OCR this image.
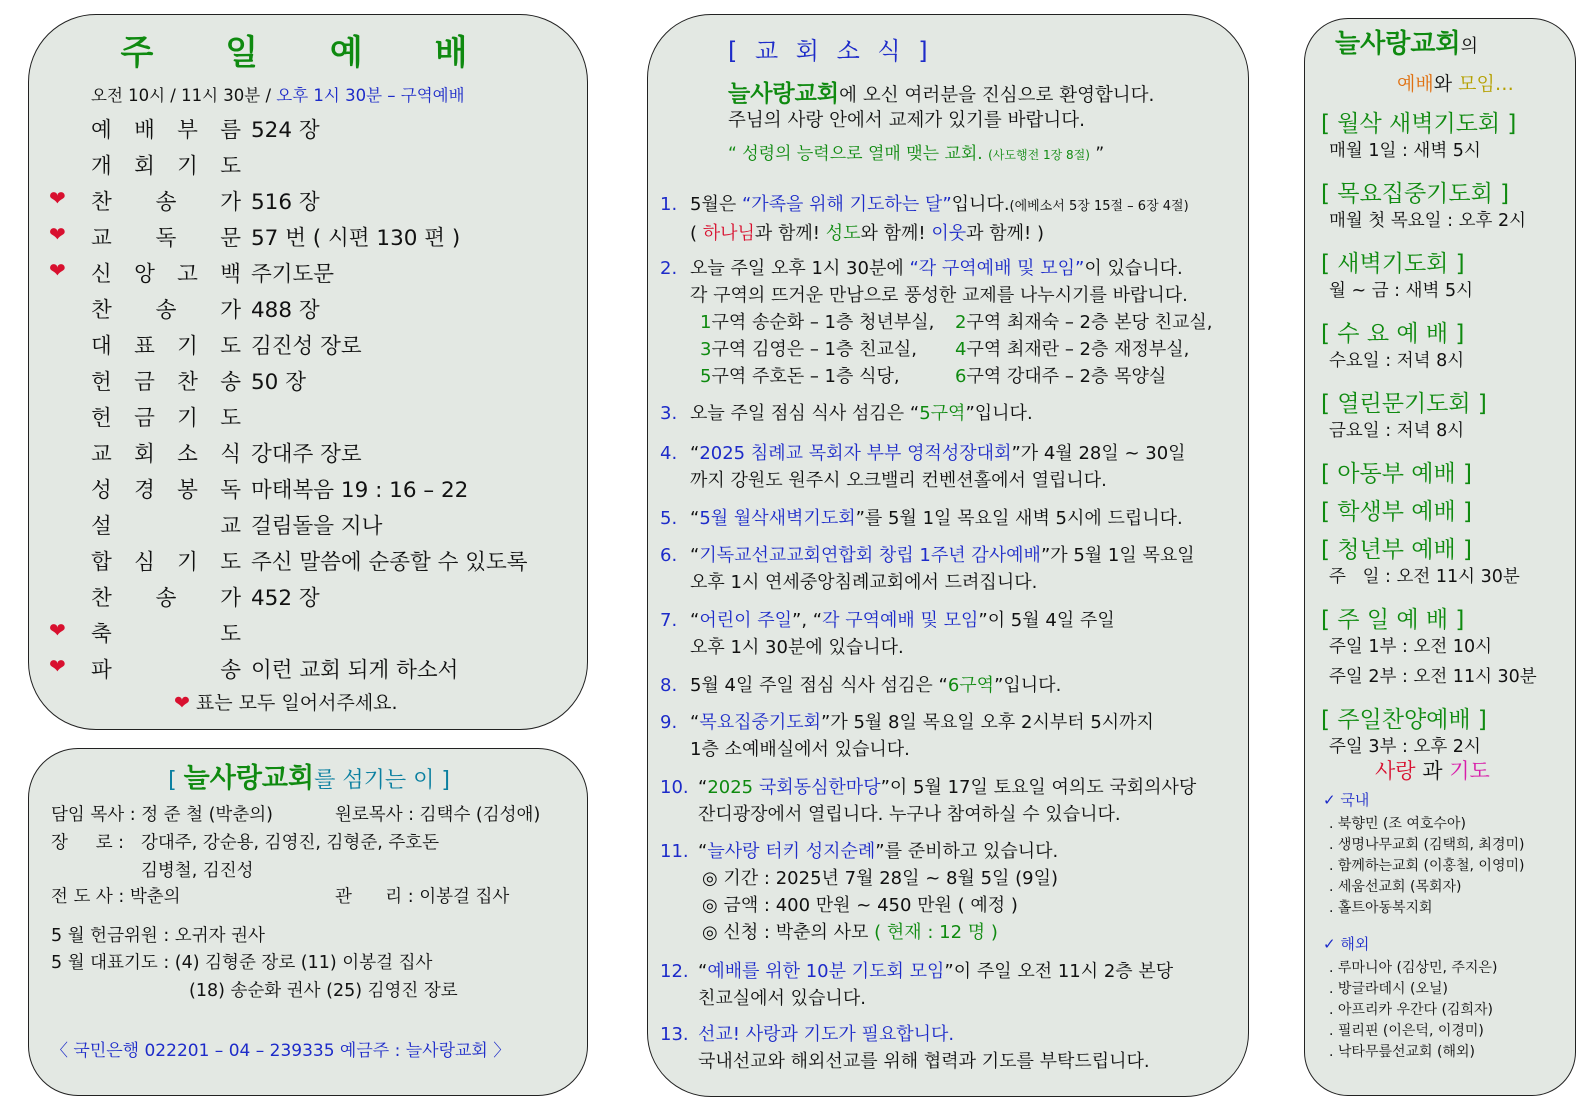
주 일 예 배
오전 10시 / 11시 30분 / 오후 1시 30분 – 구역예배
예 배 부 름 524 장
개 회 기 도
❤ 찬 송 가 516 장
❤ 교 독 문 57 번 ( 시편 130 편 )
❤ 신 앙 고 백 주기도문
찬 송 가 488 장
대 표 기 도 김진성 장로
헌 금 찬 송 50 장
헌 금 기 도
교 회 소 식 강대주 장로
성 경 봉 독 마태복음 19 : 16 – 22
설	교 걸림돌을 지나
합 심 기 도 주신 말씀에 순종할 수 있도록
찬 송 가 452 장
❤ 축	도
❤ 파	송 이런 교회 되게 하소서
❤ 표는 모두 일어서주세요.
[ 늘사랑교회를 섬기는 이 ]
담임 목사 : 정 준 철 (박춘의)	원로목사 : 김택수 (김성애)
장     로 : 강대주, 강순용, 김영진, 김형준, 주호돈
김병철, 김진성
전 도 사 : 박춘의	관      리 : 이봉걸 집사
5 월 헌금위원 : 오귀자 권사
5 월 대표기도 : (4) 김형준 장로 (11) 이봉걸 집사
(18) 송순화 권사 (25) 김영진 장로
〈 국민은행 022201 – 04 – 239335 예금주 : 늘사랑교회 〉
[ 교 회 소 식 ]
늘사랑교회에 오신 여러분을 진심으로 환영합니다.
주님의 사랑 안에서 교제가 있기를 바랍니다.
“ 성령의 능력으로 열매 맺는 교회. (사도행전 1장 8절) ”
1. 5월은 “가족을 위해 기도하는 달”입니다.(에베소서 5장 15절 – 6장 4절)
( 하나님과 함께! 성도와 함께! 이웃과 함께! )
2. 오늘 주일 오후 1시 30분에 “각 구역예배 및 모임”이 있습니다.
각 구역의 뜨거운 만남으로 풍성한 교제를 나누시기를 바랍니다.
1구역 송순화 – 1층 청년부실,	2구역 최재숙 – 2층 본당 친교실,
3구역 김영은 – 1층 친교실,	4구역 최재란 – 2층 재정부실,
5구역 주호돈 – 1층 식당,	6구역 강대주 – 2층 목양실
3. 오늘 주일 점심 식사 섬김은 “5구역”입니다.
4. “2025 침례교 목회자 부부 영적성장대회”가 4월 28일 ~ 30일
까지 강원도 원주시 오크밸리 컨벤션홀에서 열립니다.
5. “5월 월삭새벽기도회”를 5월 1일 목요일 새벽 5시에 드립니다.
6. “기독교선교교회연합회 창립 1주년 감사예배”가 5월 1일 목요일
오후 1시 연세중앙침례교회에서 드려집니다.
7. “어린이 주일”, “각 구역예배 및 모임”이 5월 4일 주일
오후 1시 30분에 있습니다.
8. 5월 4일 주일 점심 식사 섬김은 “6구역”입니다.
9. “목요집중기도회”가 5월 8일 목요일 오후 2시부터 5시까지
1층 소예배실에서 있습니다.
10. “2025 국회동심한마당”이 5월 17일 토요일 여의도 국회의사당
잔디광장에서 열립니다. 누구나 참여하실 수 있습니다.
11. “늘사랑 터키 성지순례”를 준비하고 있습니다.
◎ 기간 : 2025년 7월 28일 ~ 8월 5일 (9일)
◎ 금액 : 400 만원 ~ 450 만원 ( 예정 )
◎ 신청 : 박춘의 사모 ( 현재 : 12 명 )
12. “예배를 위한 10분 기도회 모임”이 주일 오전 11시 2층 본당
친교실에서 있습니다.
13. 선교! 사랑과 기도가 필요합니다.
국내선교와 해외선교를 위해 협력과 기도를 부탁드립니다.
늘사랑교회의
예배와 모임…
[ 월삭 새벽기도회 ]
매월 1일 : 새벽 5시
[ 목요집중기도회 ]
매월 첫 목요일 : 오후 2시
[ 새벽기도회 ]
월 ~ 금 : 새벽 5시
[ 수 요 예 배 ]
수요일 : 저녁 8시
[ 열린문기도회 ]
금요일 : 저녁 8시
[ 아동부 예배 ]
[ 학생부 예배 ]
[ 청년부 예배 ]
주   일 : 오전 11시 30분
[ 주 일 예 배 ]
주일 1부 : 오전 10시
주일 2부 : 오전 11시 30분
[ 주일찬양예배 ]
주일 3부 : 오후 2시
사랑 과 기도
✓ 국내
. 북향민 (조 여호수아)
. 생명나무교회 (김택희, 최경미)
. 함께하는교회 (이홍철, 이영미)
. 세움선교회 (목회자)
. 홀트아동복지회
✓ 해외
. 루마니아 (김상민, 주지은)
. 방글라데시 (오닐)
. 아프리카 우간다 (김희자)
. 필리핀 (이은덕, 이경미)
. 낙타무릎선교회 (해외)
